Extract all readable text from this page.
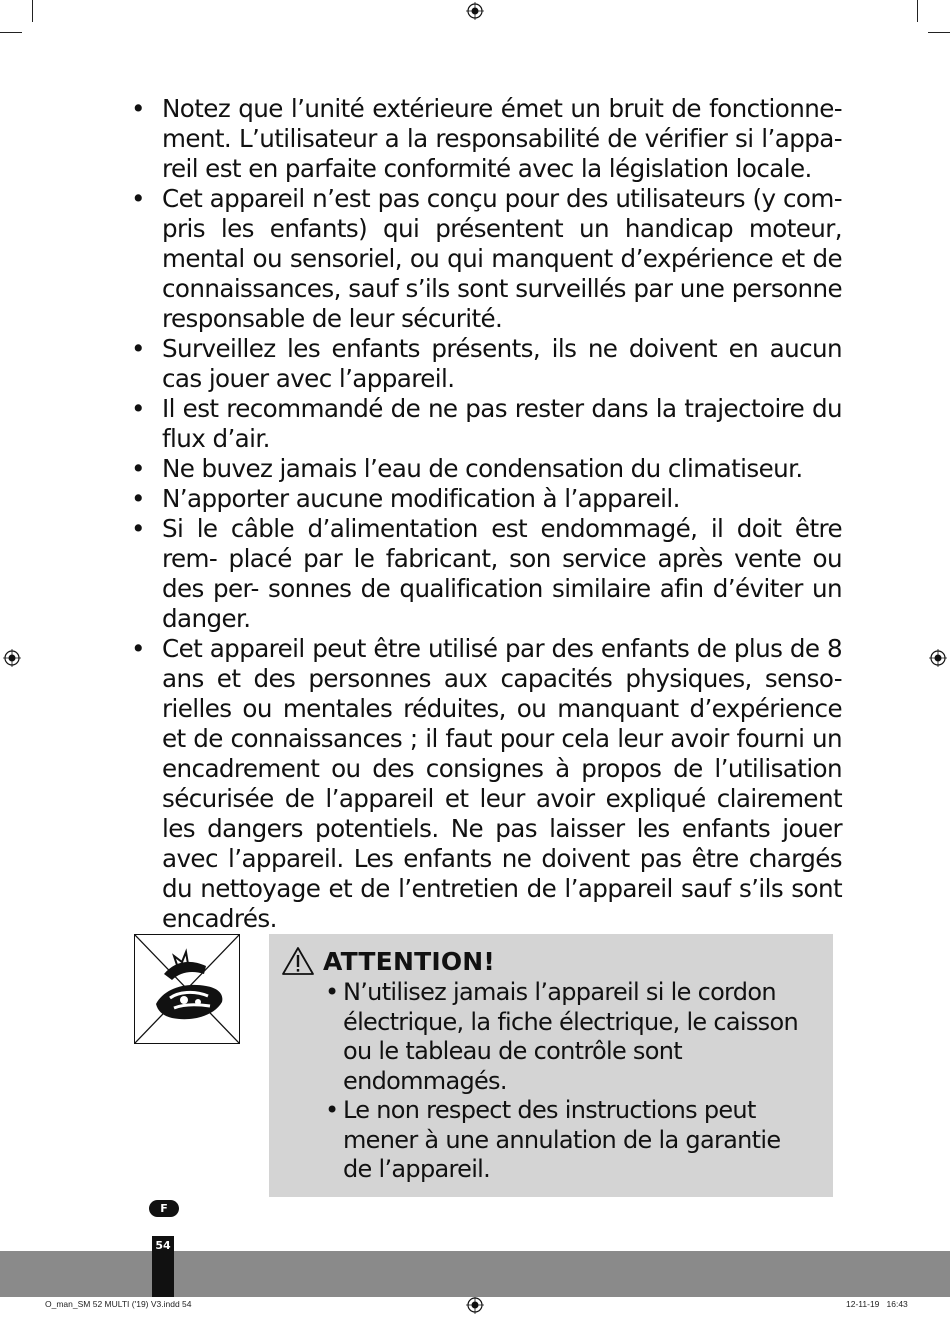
• Notez que l’unité extérieure émet un bruit de fonctionne- ment. L’utilisateur a la responsabilité de vérifier si l’appa- reil est en parfaite conformité avec la législation locale.
• Cet appareil n’est pas conçu pour des utilisateurs (y com- pris les enfants) qui présentent un handicap moteur, mental ou sensoriel, ou qui manquent d’expérience et de connaissances, sauf s’ils sont surveillés par une personne responsable de leur sécurité.
• Surveillez les enfants présents, ils ne doivent en aucun cas jouer avec l’appareil.
• Il est recommandé de ne pas rester dans la trajectoire du flux d’air.
• Ne buvez jamais l’eau de condensation du climatiseur.
• N’apporter aucune modification à l’appareil.
• Si le câble d’alimentation est endommagé, il doit être rem- placé par le fabricant, son service après vente ou des per- sonnes de qualification similaire afin d’éviter un danger.
• Cet appareil peut être utilisé par des enfants de plus de 8 ans et des personnes aux capacités physiques, senso- rielles ou mentales réduites, ou manquant d’expérience et de connaissances ; il faut pour cela leur avoir fourni un encadrement ou des consignes à propos de l’utilisation sécurisée de l’appareil et leur avoir expliqué clairement les dangers potentiels. Ne pas laisser les enfants jouer avec l’appareil. Les enfants ne doivent pas être chargés du nettoyage et de l’entretien de l’appareil sauf s’ils sont encadrés.
ATTENTION!
• N’utilisez jamais l’appareil si le cordon électrique, la fiche électrique, le caisson ou le tableau de contrôle sont endommagés.
• Le non respect des instructions peut mener à une annulation de la garantie de l’appareil.
F
54
O_man_SM 52 MULTI ('19) V3.indd 54	12-11-19 16:43
